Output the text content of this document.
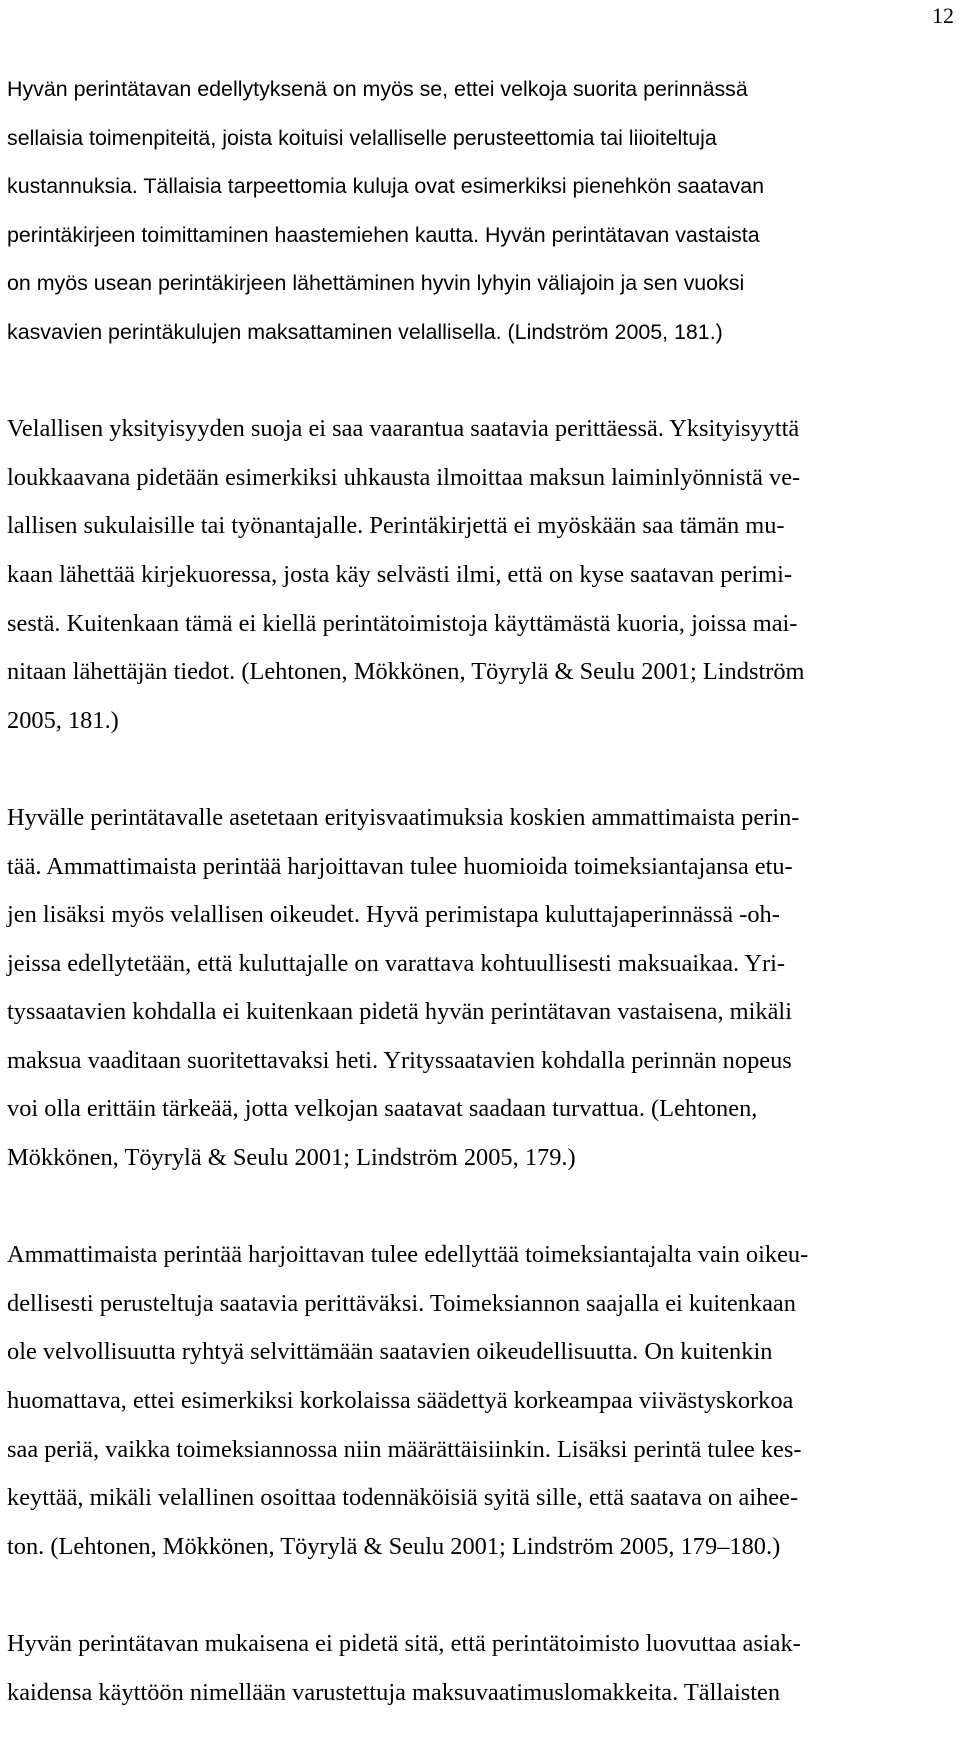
12
Hyvän perintätavan edellytyksenä on myös se, ettei velkoja suorita perinnässä
sellaisia toimenpiteitä, joista koituisi velalliselle perusteettomia tai liioiteltuja
kustannuksia. Tällaisia tarpeettomia kuluja ovat esimerkiksi pienehkön saatavan
perintäkirjeen toimittaminen haastemiehen kautta. Hyvän perintätavan vastaista
on myös usean perintäkirjeen lähettäminen hyvin lyhyin väliajoin ja sen vuoksi
kasvavien perintäkulujen maksattaminen velallisella. (Lindström 2005, 181.)
Velallisen yksityisyyden suoja ei saa vaarantua saatavia perittäessä. Yksityisyyttä
loukkaavana pidetään esimerkiksi uhkausta ilmoittaa maksun laiminlyönnistä ve-
lallisen sukulaisille tai työnantajalle. Perintäkirjettä ei myöskään saa tämän mu-
kaan lähettää kirjekuoressa, josta käy selvästi ilmi, että on kyse saatavan perimi-
sestä. Kuitenkaan tämä ei kiellä perintätoimistoja käyttämästä kuoria, joissa mai-
nitaan lähettäjän tiedot. (Lehtonen, Mökkönen, Töyrylä & Seulu 2001; Lindström
2005, 181.)
Hyvälle perintätavalle asetetaan erityisvaatimuksia koskien ammattimaista perin-
tää. Ammattimaista perintää harjoittavan tulee huomioida toimeksiantajansa etu-
jen lisäksi myös velallisen oikeudet. Hyvä perimistapa kuluttajaperinnässä -oh-
jeissa edellytetään, että kuluttajalle on varattava kohtuullisesti maksuaikaa. Yri-
tyssaatavien kohdalla ei kuitenkaan pidetä hyvän perintätavan vastaisena, mikäli
maksua vaaditaan suoritettavaksi heti. Yrityssaatavien kohdalla perinnän nopeus
voi olla erittäin tärkeää, jotta velkojan saatavat saadaan turvattua. (Lehtonen,
Mökkönen, Töyrylä & Seulu 2001; Lindström 2005, 179.)
Ammattimaista perintää harjoittavan tulee edellyttää toimeksiantajalta vain oikeu-
dellisesti perusteltuja saatavia perittäväksi. Toimeksiannon saajalla ei kuitenkaan
ole velvollisuutta ryhtyä selvittämään saatavien oikeudellisuutta. On kuitenkin
huomattava, ettei esimerkiksi korkolaissa säädettyä korkeampaa viivästyskorkoa
saa periä, vaikka toimeksiannossa niin määrättäisiinkin. Lisäksi perintä tulee kes-
keyttää, mikäli velallinen osoittaa todennäköisiä syitä sille, että saatava on aihee-
ton. (Lehtonen, Mökkönen, Töyrylä & Seulu 2001; Lindström 2005, 179–180.)
Hyvän perintätavan mukaisena ei pidetä sitä, että perintätoimisto luovuttaa asiak-
kaidensa käyttöön nimellään varustettuja maksuvaatimuslomakkeita. Tällaisten
